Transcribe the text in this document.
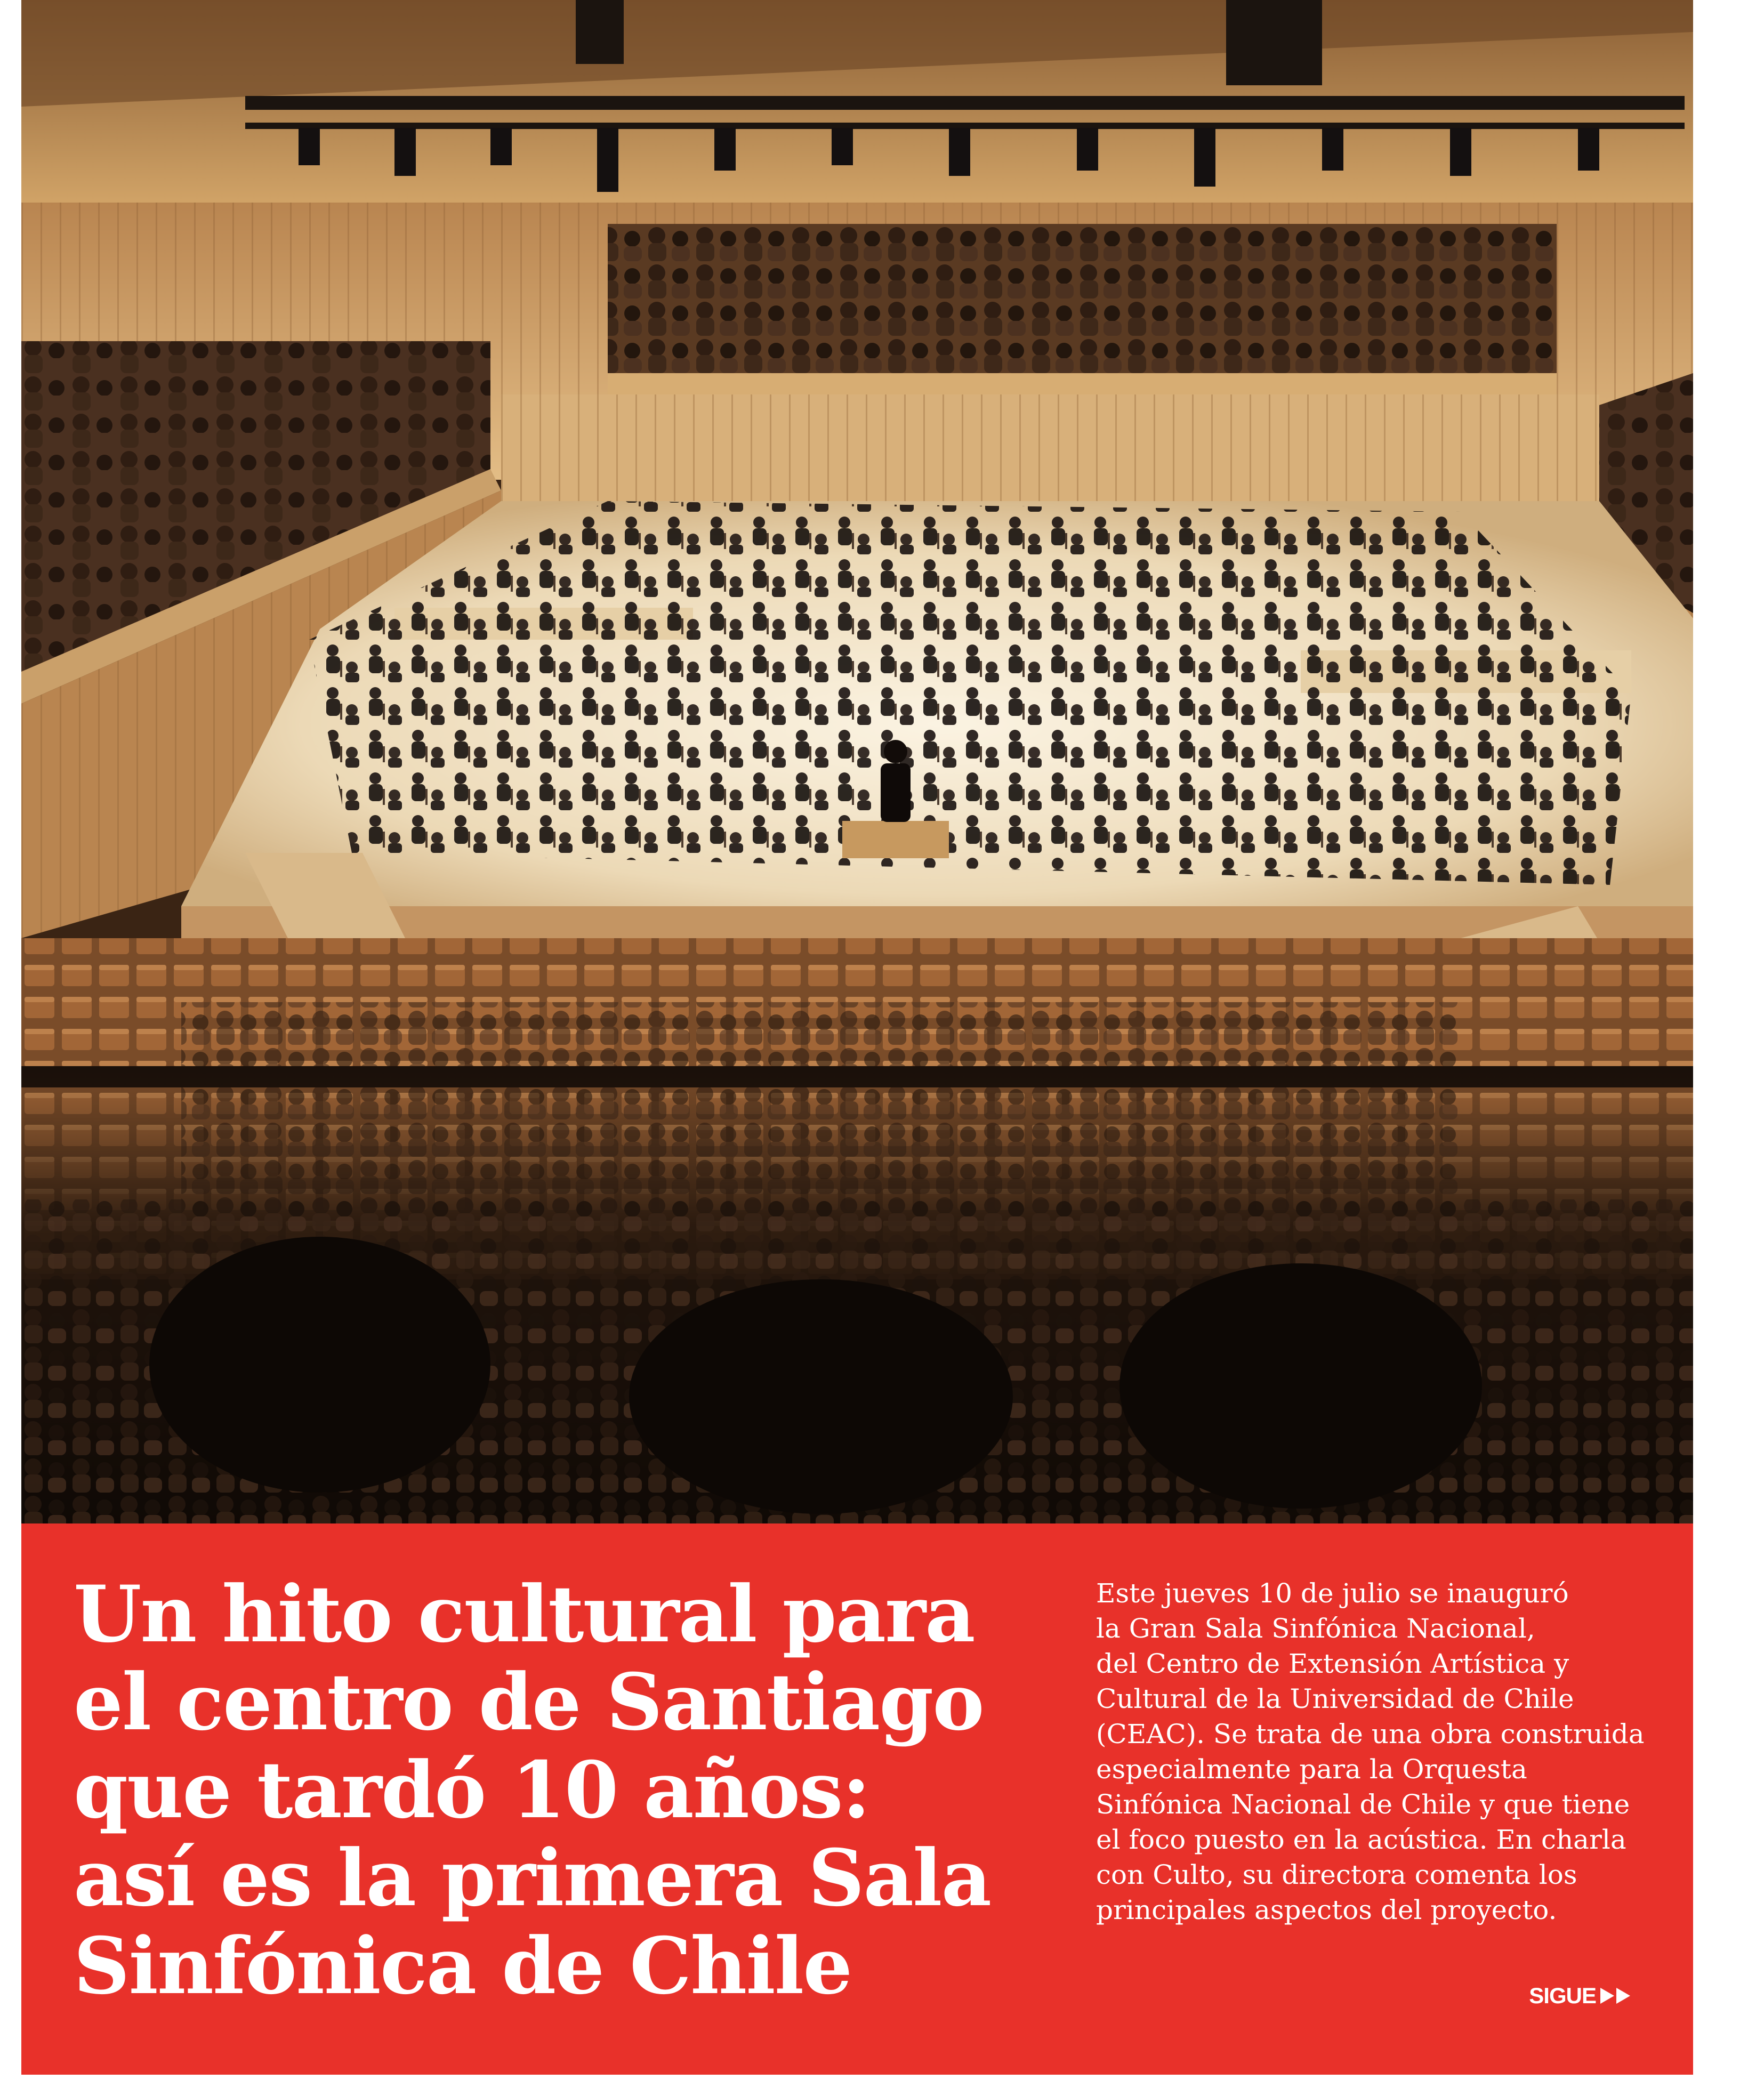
Un hito cultural para
el centro de Santiago
que tardó 10 años:
así es la primera Sala
Sinfónica de Chile

Este jueves 10 de julio se inauguró
la Gran Sala Sinfónica Nacional,
del Centro de Extensión Artística y
Cultural de la Universidad de Chile
(CEAC). Se trata de una obra construida
especialmente para la Orquesta
Sinfónica Nacional de Chile y que tiene
el foco puesto en la acústica. En charla
con Culto, su directora comenta los
principales aspectos del proyecto.

SIGUE
